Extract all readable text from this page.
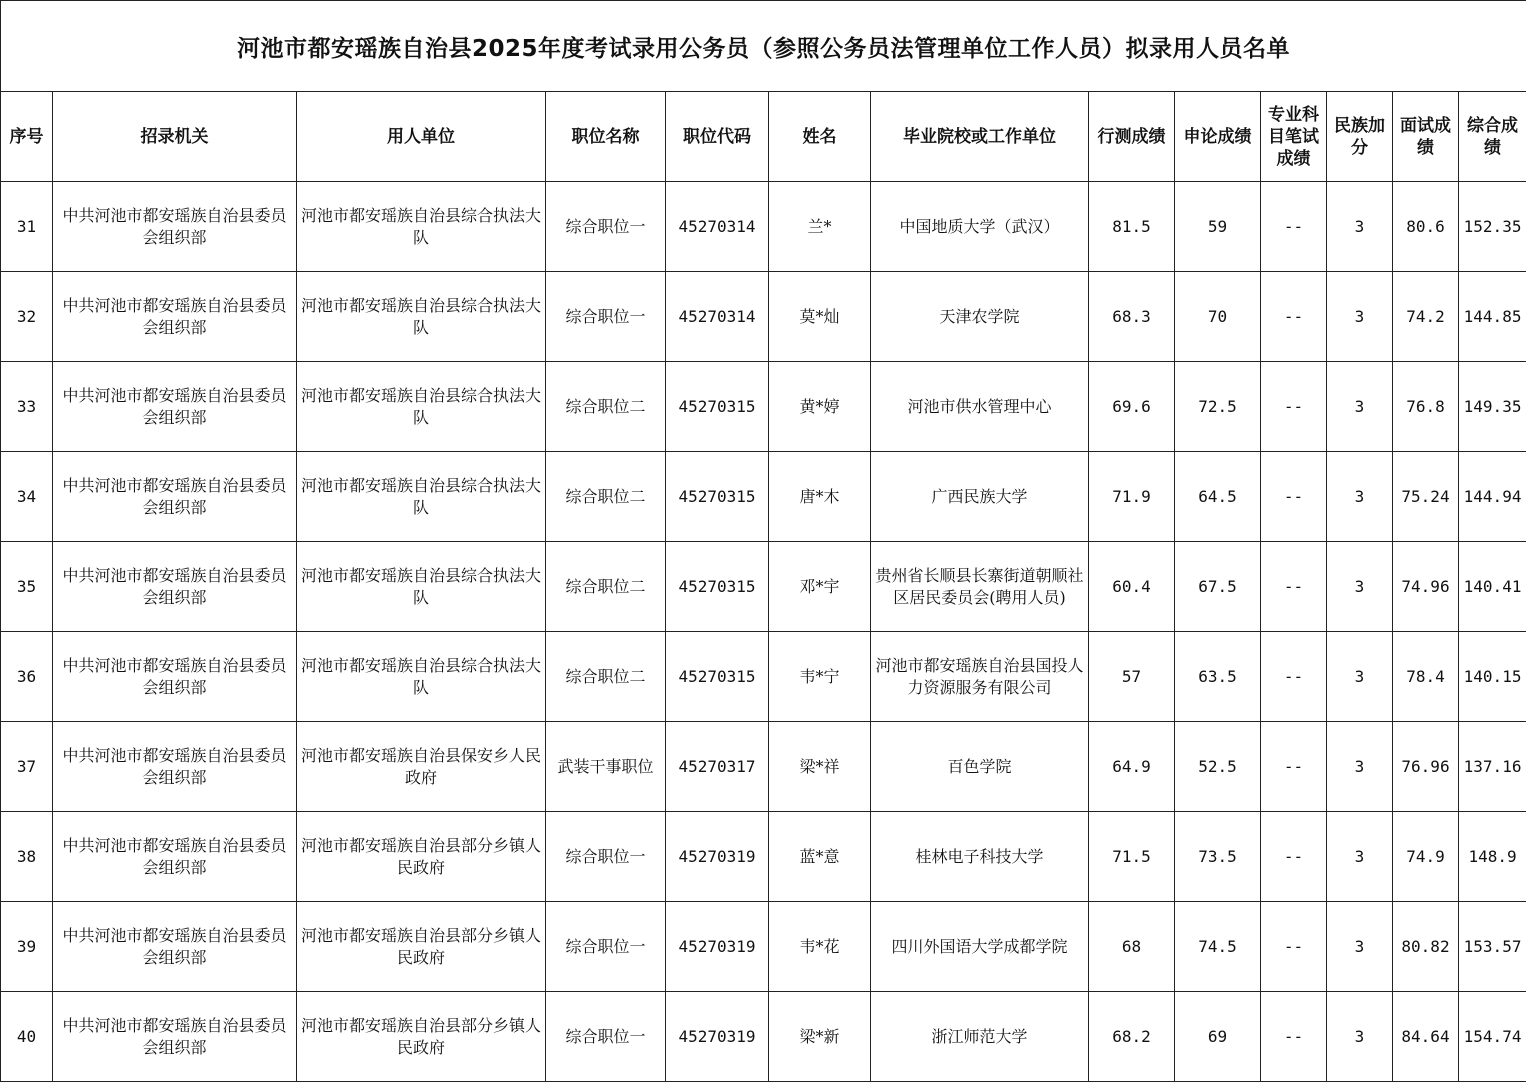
河池市都安瑶族自治县2025年度考试录用公务员（参照公务员法管理单位工作人员）拟录用人员名单												
序号	招录机关	用人单位	职位名称	职位代码	姓名	毕业院校或工作单位	行测成绩	申论成绩	专业科目笔试成绩	民族加分	面试成绩	综合成绩
31	中共河池市都安瑶族自治县委员会组织部	河池市都安瑶族自治县综合执法大队	综合职位一	45270314	兰*	中国地质大学（武汉）	81.5	59	--	3	80.6	152.35
32	中共河池市都安瑶族自治县委员会组织部	河池市都安瑶族自治县综合执法大队	综合职位一	45270314	莫*灿	天津农学院	68.3	70	--	3	74.2	144.85
33	中共河池市都安瑶族自治县委员会组织部	河池市都安瑶族自治县综合执法大队	综合职位二	45270315	黄*婷	河池市供水管理中心	69.6	72.5	--	3	76.8	149.35
34	中共河池市都安瑶族自治县委员会组织部	河池市都安瑶族自治县综合执法大队	综合职位二	45270315	唐*木	广西民族大学	71.9	64.5	--	3	75.24	144.94
35	中共河池市都安瑶族自治县委员会组织部	河池市都安瑶族自治县综合执法大队	综合职位二	45270315	邓*宇	贵州省长顺县长寨街道朝顺社区居民委员会(聘用人员)	60.4	67.5	--	3	74.96	140.41
36	中共河池市都安瑶族自治县委员会组织部	河池市都安瑶族自治县综合执法大队	综合职位二	45270315	韦*宁	河池市都安瑶族自治县国投人力资源服务有限公司	57	63.5	--	3	78.4	140.15
37	中共河池市都安瑶族自治县委员会组织部	河池市都安瑶族自治县保安乡人民政府	武装干事职位	45270317	梁*祥	百色学院	64.9	52.5	--	3	76.96	137.16
38	中共河池市都安瑶族自治县委员会组织部	河池市都安瑶族自治县部分乡镇人民政府	综合职位一	45270319	蓝*意	桂林电子科技大学	71.5	73.5	--	3	74.9	148.9
39	中共河池市都安瑶族自治县委员会组织部	河池市都安瑶族自治县部分乡镇人民政府	综合职位一	45270319	韦*花	四川外国语大学成都学院	68	74.5	--	3	80.82	153.57
40	中共河池市都安瑶族自治县委员会组织部	河池市都安瑶族自治县部分乡镇人民政府	综合职位一	45270319	梁*新	浙江师范大学	68.2	69	--	3	84.64	154.74
